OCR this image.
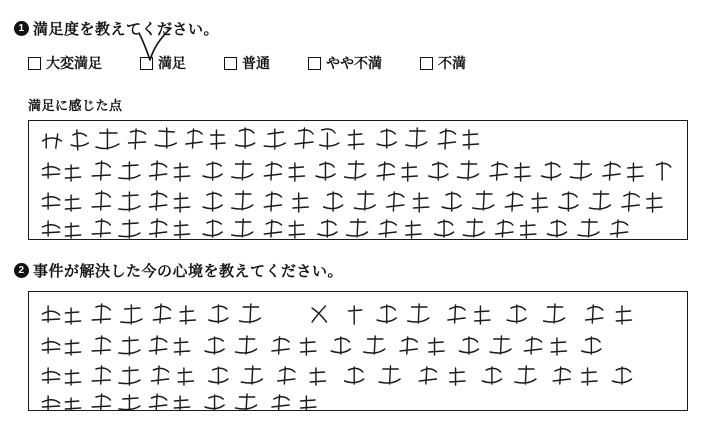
1 満足度を教えてください。
大変満足	満足	普通	やや不満	不満
満足に感じた点
2 事件が解決した今の心境を教えてください。
